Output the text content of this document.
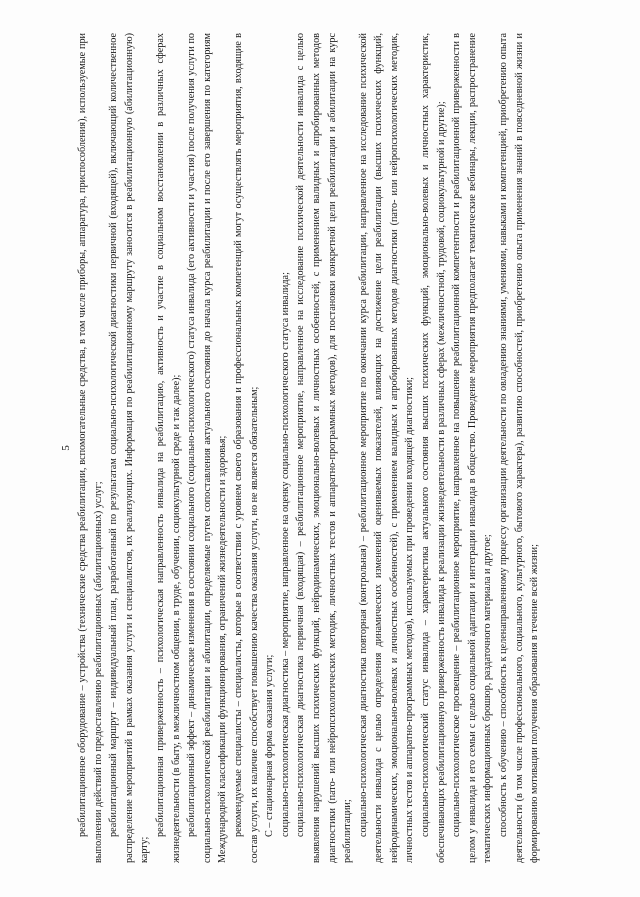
5 реабилитационное оборудование – устройства (технические средства реабилитации, вспомогательные средства, в том числе приборы, аппаратура, приспособления), используемые при выполнении действий по предоставлению реабилитационных (абилитационных) услуг; реабилитационный маршрут – индивидуальный план, разработанный по результатам социально-психологической диагностики первичной (входящей), включающий количественное распределение мероприятий в рамках оказания услуги и специалистов, их реализующих. Информация по реабилитационному маршруту заносится в реабилитационную (абилитационную) карту;

реабилитационная приверженность – психологическая направленность инвалида на реабилитацию, активность и участие в социальном восстановлении в различных сферах жизнедеятельности (в быту, в межличностном общении, в труде, обучении, социокультурной среде и так далее); реабилитационный эффект – динамические изменения в состоянии социального (социально-психологического) статуса инвалида (его активности и участия) после получения услуги по социально-психологической реабилитации и абилитации, определяемые путем сопоставления актуального состояния до начала курса реабилитации и после его завершения по категориям Международной классификации функционирования, ограничений жизнедеятельности и здоровья; рекомендуемые специалисты – специалисты, которые в соответствии с уровнем своего образования и профессиональных компетенций могут осуществлять мероприятия, входящие в состав услуги, их наличие способствует повышению качества оказания услуги, но не является обязательным; С – стационарная форма оказания услуги; социально-психологическая диагностика – мероприятие, направленное на оценку социально-психологического статуса инвалида; социально-психологическая диагностика первичная (входящая) – реабилитационное мероприятие, направленное на исследование психической деятельности инвалида с целью выявления нарушений высших психических функций, нейродинамических, эмоционально-волевых и личностных особенностей, с применением валидных и апробированных методов диагностики (пато- или нейропсихологических методик, личностных тестов и аппаратно-программных методов), для постановки конкретной цели реабилитации и абилитации на курс реабилитации; социально-психологическая диагностика повторная (контрольная) – реабилитационное мероприятие по окончании курса реабилитации, направленное на исследование психической деятельности инвалида с целью определения динамических изменений оцениваемых показателей, влияющих на достижение цели реабилитации (высших психических функций, нейродинамических, эмоционально-волевых и личностных особенностей), с применением валидных и апробированных методов диагностики (пато- или нейропсихологических методик, личностных тестов и аппаратно-программных методов), используемых при проведении входящей диагностики; социально-психологический статус инвалида – характеристика актуального состояния высших психических функций, эмоционально-волевых и личностных характеристик, обеспечивающих реабилитационную приверженность инвалида к реализации жизнедеятельности в различных сферах (межличностной, трудовой, социокультурной и другие); социально-психологическое просвещение – реабилитационное мероприятие, направленное на повышение реабилитационной компетентности и реабилитационной приверженности в целом у инвалида и его семьи с целью социальной адаптации и интеграции инвалида в общество. Проведение мероприятия предполагает тематические вебинары, лекции, распространение тематических информационных брошюр, раздаточного материала и другое; способность к обучению – способность к целенаправленному процессу организации деятельности по овладению знаниями, умениями, навыками и компетенцией, приобретению опыта деятельности (в том числе профессионального, социального, культурного, бытового характера), развитию способностей, приобретению опыта применения знаний в повседневной жизни и формированию мотивации получения образования в течение всей жизни;
